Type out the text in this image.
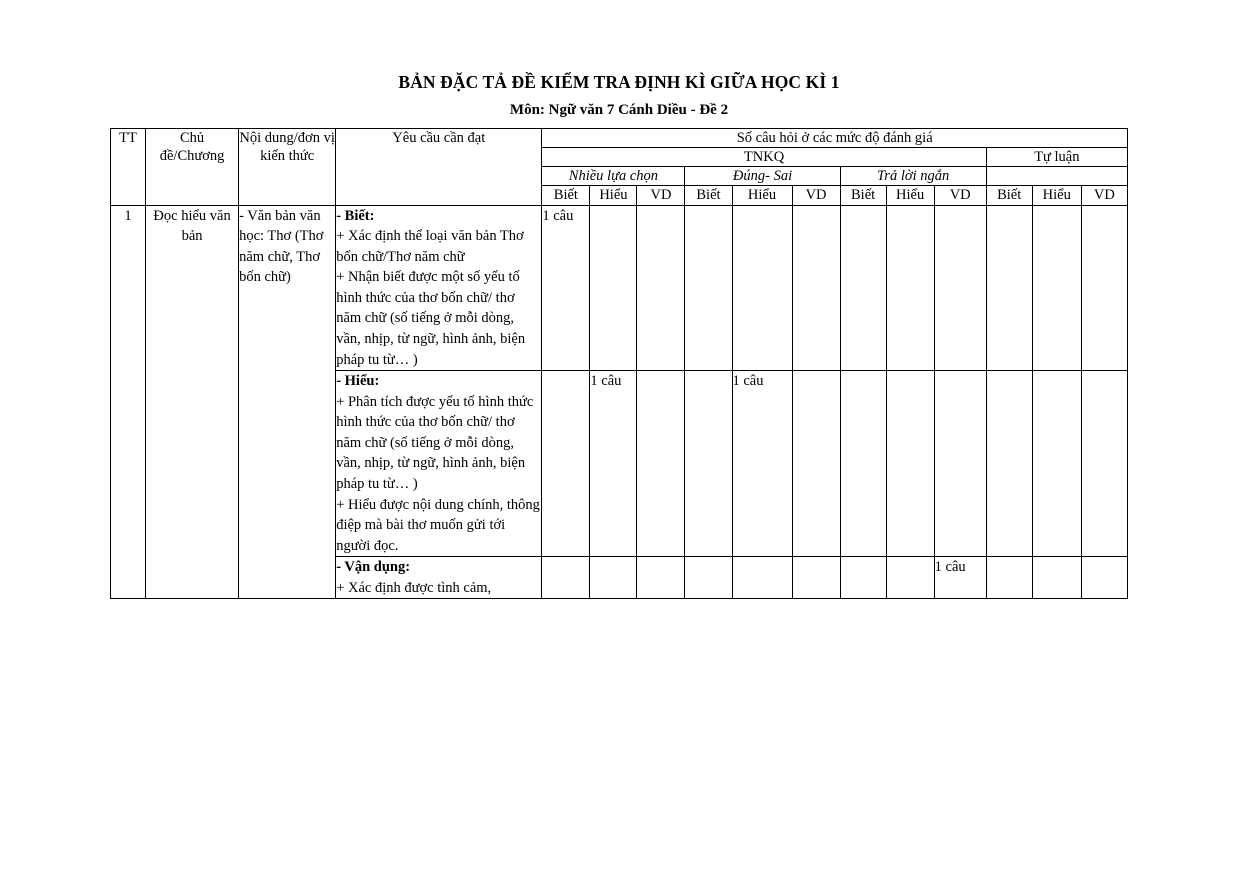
BẢN ĐẶC TẢ ĐỀ KIỂM TRA ĐỊNH KÌ GIỮA HỌC KÌ 1
Môn: Ngữ văn 7 Cánh Diều - Đề 2
TT	Chủ đề/Chương	Nội dung/đơn vị kiến thức	Yêu cầu cần đạt	Số câu hỏi ở các mức độ đánh giá											
				TNKQ									Tự luận		
				Nhiều lựa chọn			Đúng- Sai			Trả lời ngắn					
				Biết	Hiểu	VD	Biết	Hiểu	VD	Biết	Hiểu	VD	Biết	Hiểu	VD
1	Đọc hiểu văn bản	- Văn bản văn học: Thơ (Thơ năm chữ, Thơ bốn chữ)	- Biết:
+ Xác định thể loại văn bản Thơ bốn chữ/Thơ năm chữ
+ Nhận biết được một số yếu tố hình thức của thơ bốn chữ/ thơ năm chữ (số tiếng ở mỗi dòng, vần, nhịp, từ ngữ, hình ảnh, biện pháp tu từ… )	1 câu											

			- Hiểu:
+ Phân tích được yếu tố hình thức hình thức của thơ bốn chữ/ thơ năm chữ (số tiếng ở mỗi dòng, vần, nhịp, từ ngữ, hình ảnh, biện pháp tu từ… )
+ Hiểu được nội dung chính, thông điệp mà bài thơ muốn gửi tới người đọc.		1 câu			1 câu							

			- Vận dụng:
+ Xác định được tình cảm,									1 câu			
